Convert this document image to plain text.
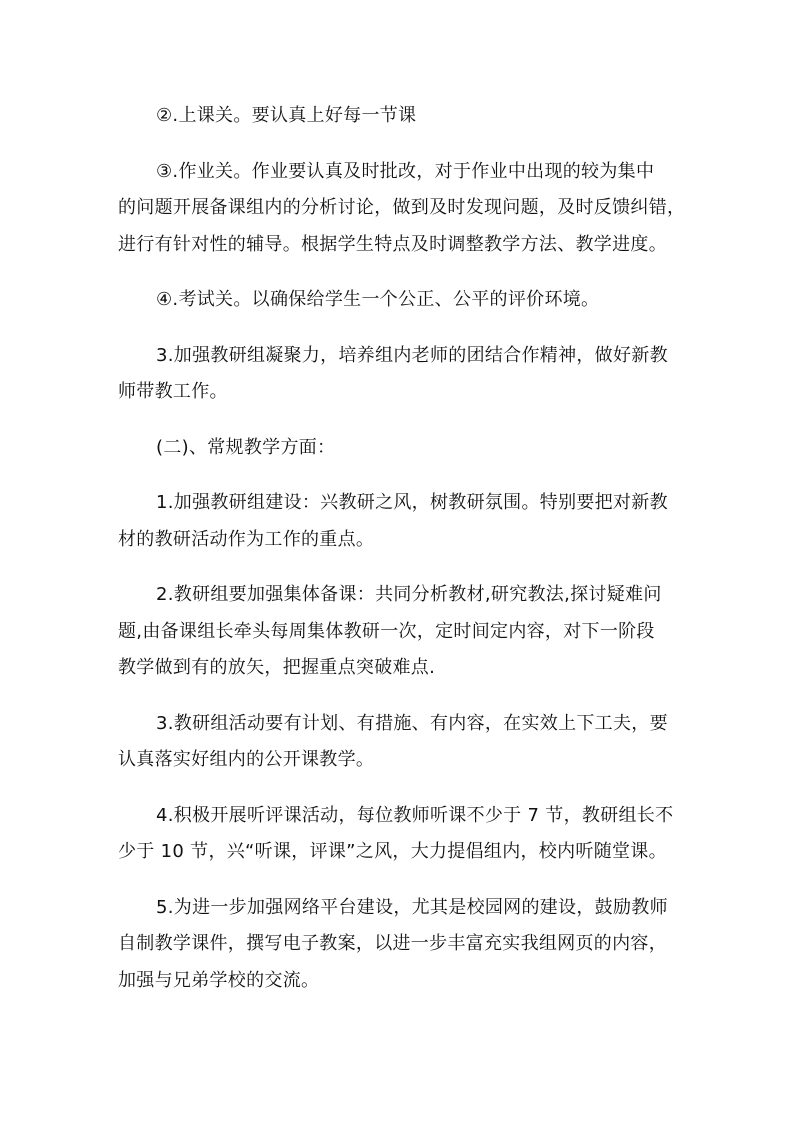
②.上课关。要认真上好每一节课

③.作业关。作业要认真及时批改，对于作业中出现的较为集中
的问题开展备课组内的分析讨论，做到及时发现问题，及时反馈纠错，
进行有针对性的辅导。根据学生特点及时调整教学方法、教学进度。

④.考试关。以确保给学生一个公正、公平的评价环境。

3.加强教研组凝聚力，培养组内老师的团结合作精神，做好新教
师带教工作。

(二)、常规教学方面：

1.加强教研组建设：兴教研之风，树教研氛围。特别要把对新教
材的教研活动作为工作的重点。

2.教研组要加强集体备课：共同分析教材,研究教法,探讨疑难问
题,由备课组长牵头每周集体教研一次，定时间定内容，对下一阶段
教学做到有的放矢，把握重点突破难点.

3.教研组活动要有计划、有措施、有内容，在实效上下工夫，要
认真落实好组内的公开课教学。

4.积极开展听评课活动，每位教师听课不少于 7 节，教研组长不
少于 10 节，兴“听课，评课”之风，大力提倡组内，校内听随堂课。

5.为进一步加强网络平台建设，尤其是校园网的建设，鼓励教师
自制教学课件，撰写电子教案，以进一步丰富充实我组网页的内容，
加强与兄弟学校的交流。
